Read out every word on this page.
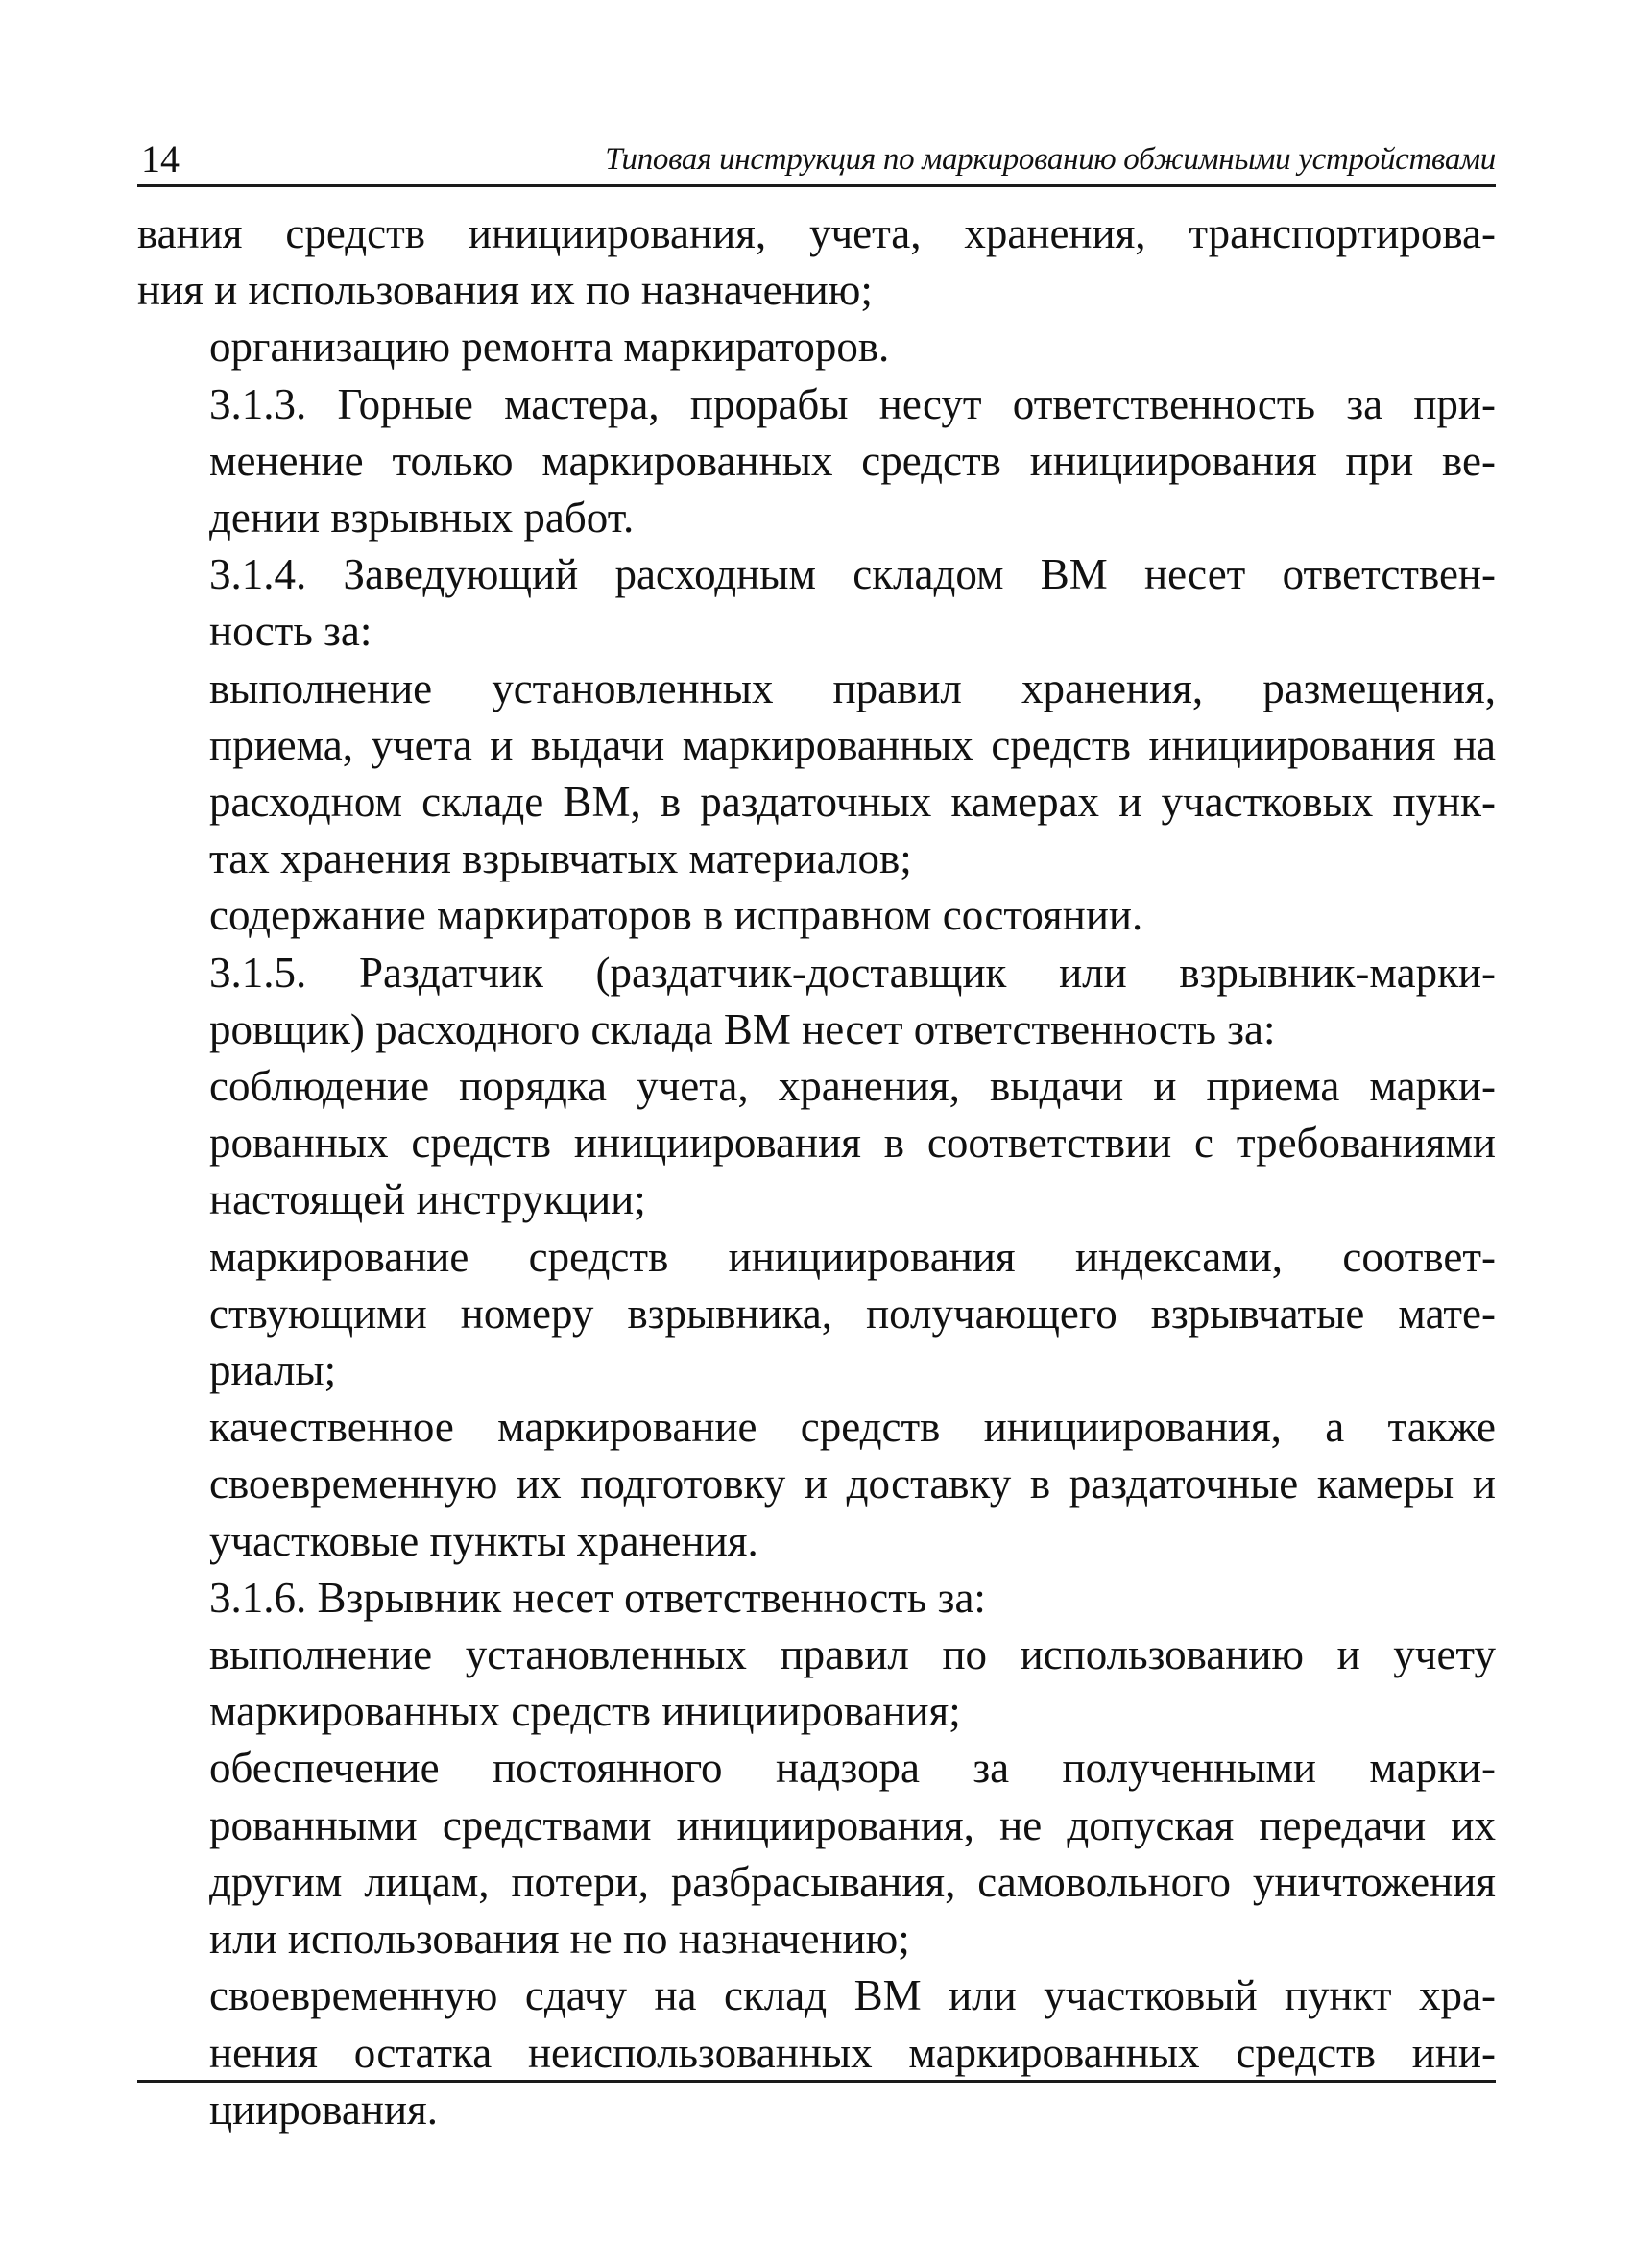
14	Типовая инструкция по маркированию обжимными устройствами

вания средств инициирования, учета, хранения, транспортирова-
ния и использования их по назначению;

организацию ремонта маркираторов.

3.1.3. Горные мастера, прорабы несут ответственность за при-
менение только маркированных средств инициирования при ве-
дении взрывных работ.

3.1.4. Заведующий расходным складом ВМ несет ответствен-
ность за:

выполнение установленных правил хранения, размещения,
приема, учета и выдачи маркированных средств инициирования на
расходном складе ВМ, в раздаточных камерах и участковых пунк-
тах хранения взрывчатых материалов;

содержание маркираторов в исправном состоянии.

3.1.5. Раздатчик (раздатчик-доставщик или взрывник-марки-
ровщик) расходного склада ВМ несет ответственность за:

соблюдение порядка учета, хранения, выдачи и приема марки-
рованных средств инициирования в соответствии с требованиями
настоящей инструкции;

маркирование средств инициирования индексами, соответ-
ствующими номеру взрывника, получающего взрывчатые мате-
риалы;

качественное маркирование средств инициирования, а также
своевременную их подготовку и доставку в раздаточные камеры и
участковые пункты хранения.

3.1.6. Взрывник несет ответственность за:

выполнение установленных правил по использованию и учету
маркированных средств инициирования;

обеспечение постоянного надзора за полученными марки-
рованными средствами инициирования, не допуская передачи их
другим лицам, потери, разбрасывания, самовольного уничтожения
или использования не по назначению;

своевременную сдачу на склад ВМ или участковый пункт хра-
нения остатка неиспользованных маркированных средств ини-
циирования.
